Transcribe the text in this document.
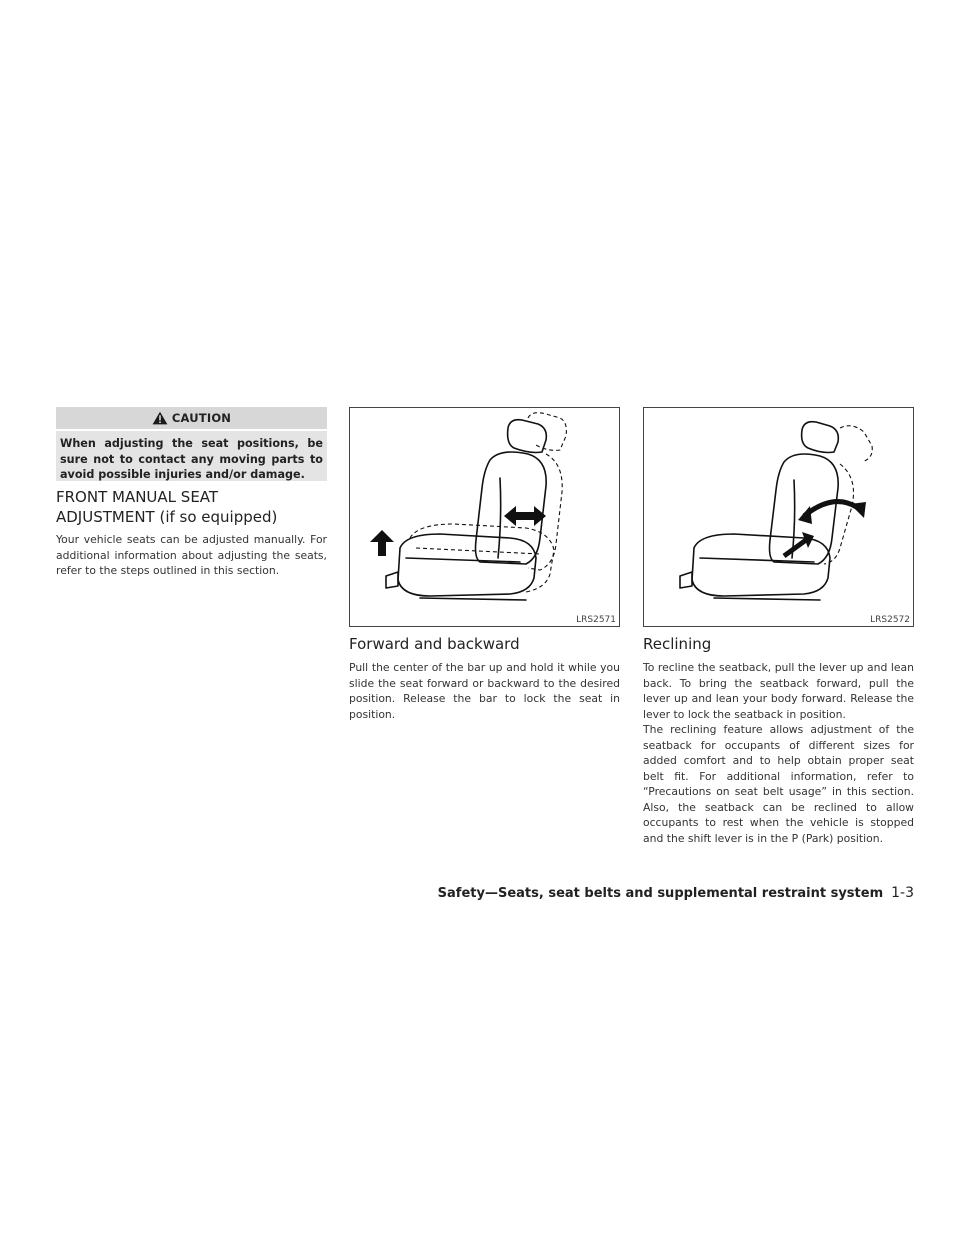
CAUTION
When adjusting the seat positions, be
sure not to contact any moving parts to
avoid possible injuries and/or damage.
FRONT MANUAL SEAT
ADJUSTMENT (if so equipped)

Your vehicle seats can be adjusted manually. For additional information about adjusting the seats, refer to the steps outlined in this section.

LRS2571	LRS2572
Forward and backward

Pull the center of the bar up and hold it while you slide the seat forward or backward to the desired position. Release the bar to lock the seat in position.

Reclining

To recline the seatback, pull the lever up and lean back. To bring the seatback forward, pull the lever up and lean your body forward. Release the lever to lock the seatback in position.

The reclining feature allows adjustment of the seatback for occupants of different sizes for added comfort and to help obtain proper seat belt fit. For additional information, refer to “Precautions on seat belt usage” in this section. Also, the seatback can be reclined to allow occupants to rest when the vehicle is stopped and the shift lever is in the P (Park) position.

Safety—Seats, seat belts and supplemental restraint system 1-3
